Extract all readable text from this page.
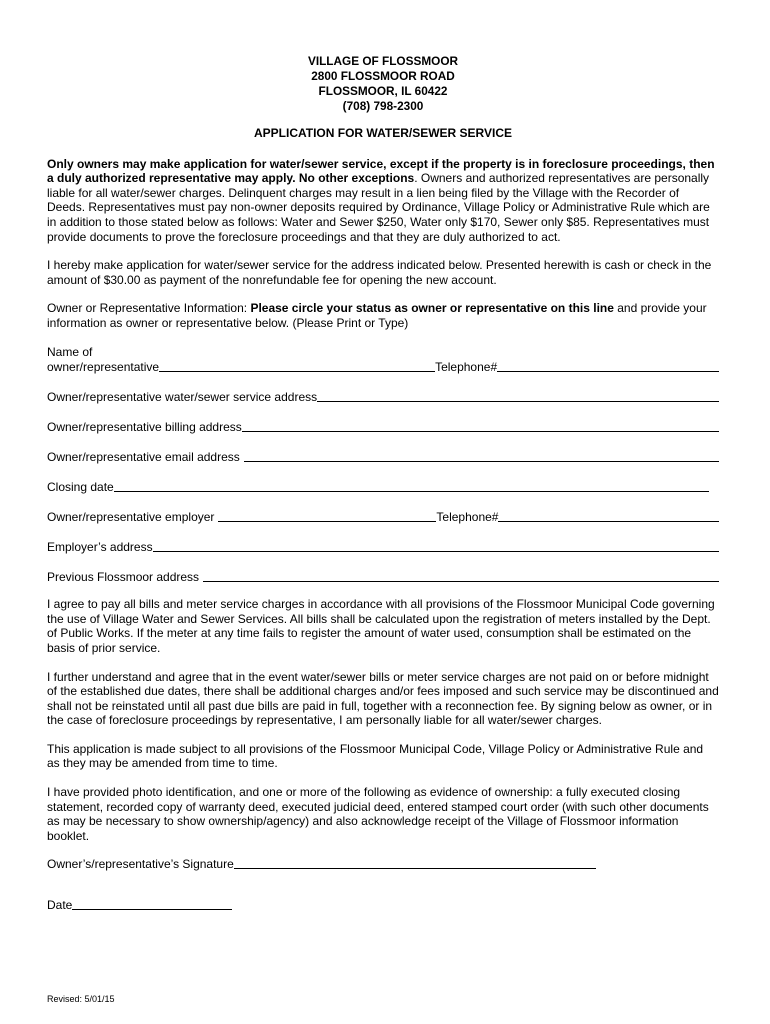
VILLAGE OF FLOSSMOOR
2800 FLOSSMOOR ROAD
FLOSSMOOR, IL 60422
(708) 798-2300
APPLICATION FOR WATER/SEWER SERVICE

Only owners may make application for water/sewer service, except if the property is in foreclosure proceedings, then a duly authorized representative may apply. No other exceptions. Owners and authorized representatives are personally liable for all water/sewer charges. Delinquent charges may result in a lien being filed by the Village with the Recorder of Deeds. Representatives must pay non-owner deposits required by Ordinance, Village Policy or Administrative Rule which are in addition to those stated below as follows: Water and Sewer $250, Water only $170, Sewer only $85. Representatives must provide documents to prove the foreclosure proceedings and that they are duly authorized to act.

I hereby make application for water/sewer service for the address indicated below. Presented herewith is cash or check in the amount of $30.00 as payment of the nonrefundable fee for opening the new account.

Owner or Representative Information: Please circle your status as owner or representative on this line and provide your information as owner or representative below. (Please Print or Type)

Name of
owner/representative	Telephone#
Owner/representative water/sewer service address
Owner/representative billing address
Owner/representative email address
Closing date
Owner/representative employer	Telephone#
Employer’s address
Previous Flossmoor address

I agree to pay all bills and meter service charges in accordance with all provisions of the Flossmoor Municipal Code governing the use of Village Water and Sewer Services. All bills shall be calculated upon the registration of meters installed by the Dept. of Public Works. If the meter at any time fails to register the amount of water used, consumption shall be estimated on the basis of prior service.

I further understand and agree that in the event water/sewer bills or meter service charges are not paid on or before midnight of the established due dates, there shall be additional charges and/or fees imposed and such service may be discontinued and shall not be reinstated until all past due bills are paid in full, together with a reconnection fee. By signing below as owner, or in the case of foreclosure proceedings by representative, I am personally liable for all water/sewer charges.

This application is made subject to all provisions of the Flossmoor Municipal Code, Village Policy or Administrative Rule and as they may be amended from time to time.

I have provided photo identification, and one or more of the following as evidence of ownership: a fully executed closing statement, recorded copy of warranty deed, executed judicial deed, entered stamped court order (with such other documents as may be necessary to show ownership/agency) and also acknowledge receipt of the Village of Flossmoor information booklet.

Owner’s/representative’s Signature
Date
Revised: 5/01/15
